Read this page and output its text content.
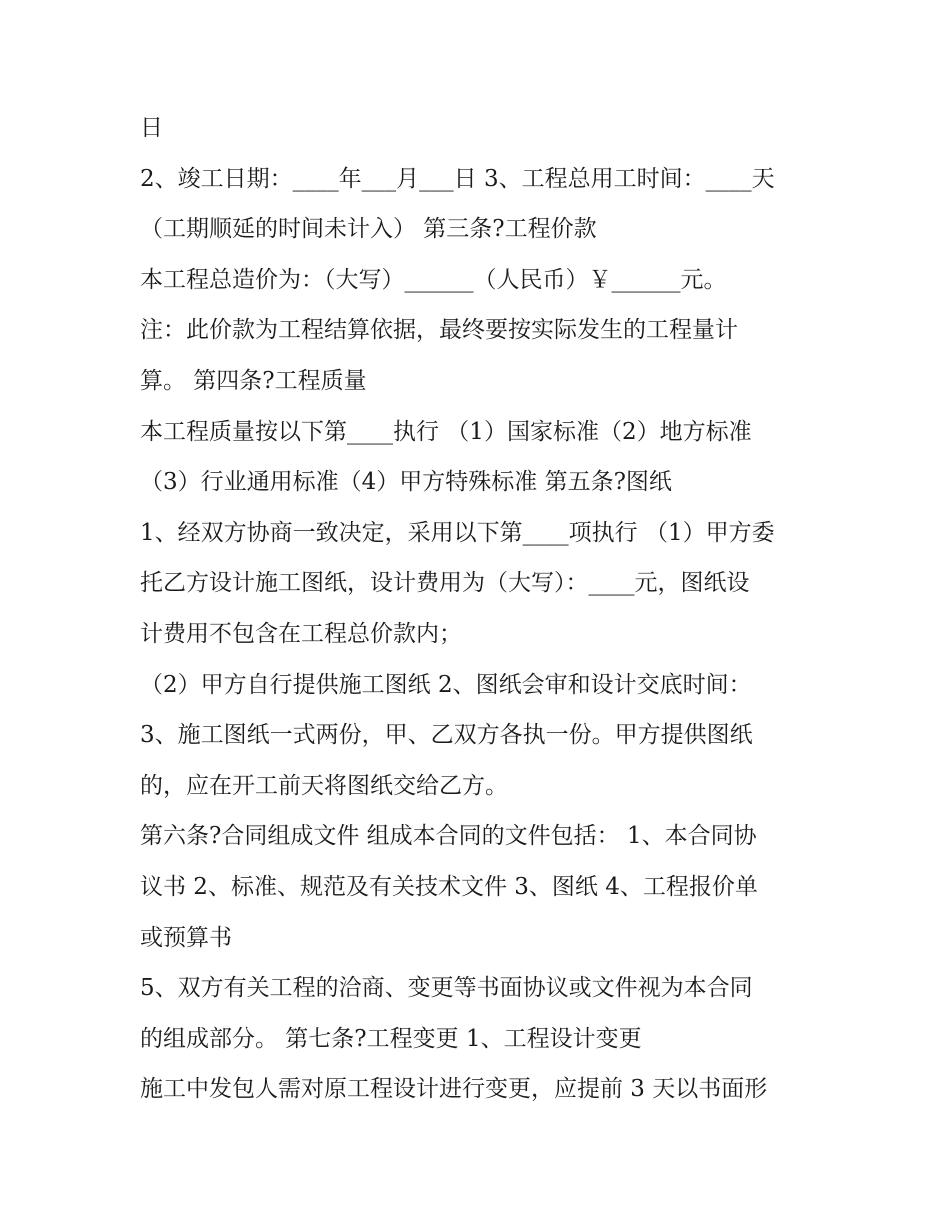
日
2、竣工日期：____年___月___日 3、工程总用工时间：____天
（工期顺延的时间未计入） 第三条?工程价款
本工程总造价为：（大写）______（人民币）￥______元。
注：此价款为工程结算依据，最终要按实际发生的工程量计
算。 第四条?工程质量
本工程质量按以下第____执行 （1）国家标准（2）地方标准
（3）行业通用标准（4）甲方特殊标准 第五条?图纸
1、经双方协商一致决定，采用以下第____项执行 （1）甲方委
托乙方设计施工图纸，设计费用为（大写）：____元，图纸设
计费用不包含在工程总价款内；
（2）甲方自行提供施工图纸 2、图纸会审和设计交底时间：
3、施工图纸一式两份，甲、乙双方各执一份。甲方提供图纸
的，应在开工前天将图纸交给乙方。
第六条?合同组成文件 组成本合同的文件包括： 1、本合同协
议书 2、标准、规范及有关技术文件 3、图纸 4、工程报价单
或预算书
5、双方有关工程的洽商、变更等书面协议或文件视为本合同
的组成部分。 第七条?工程变更 1、工程设计变更
施工中发包人需对原工程设计进行变更，应提前 3 天以书面形
